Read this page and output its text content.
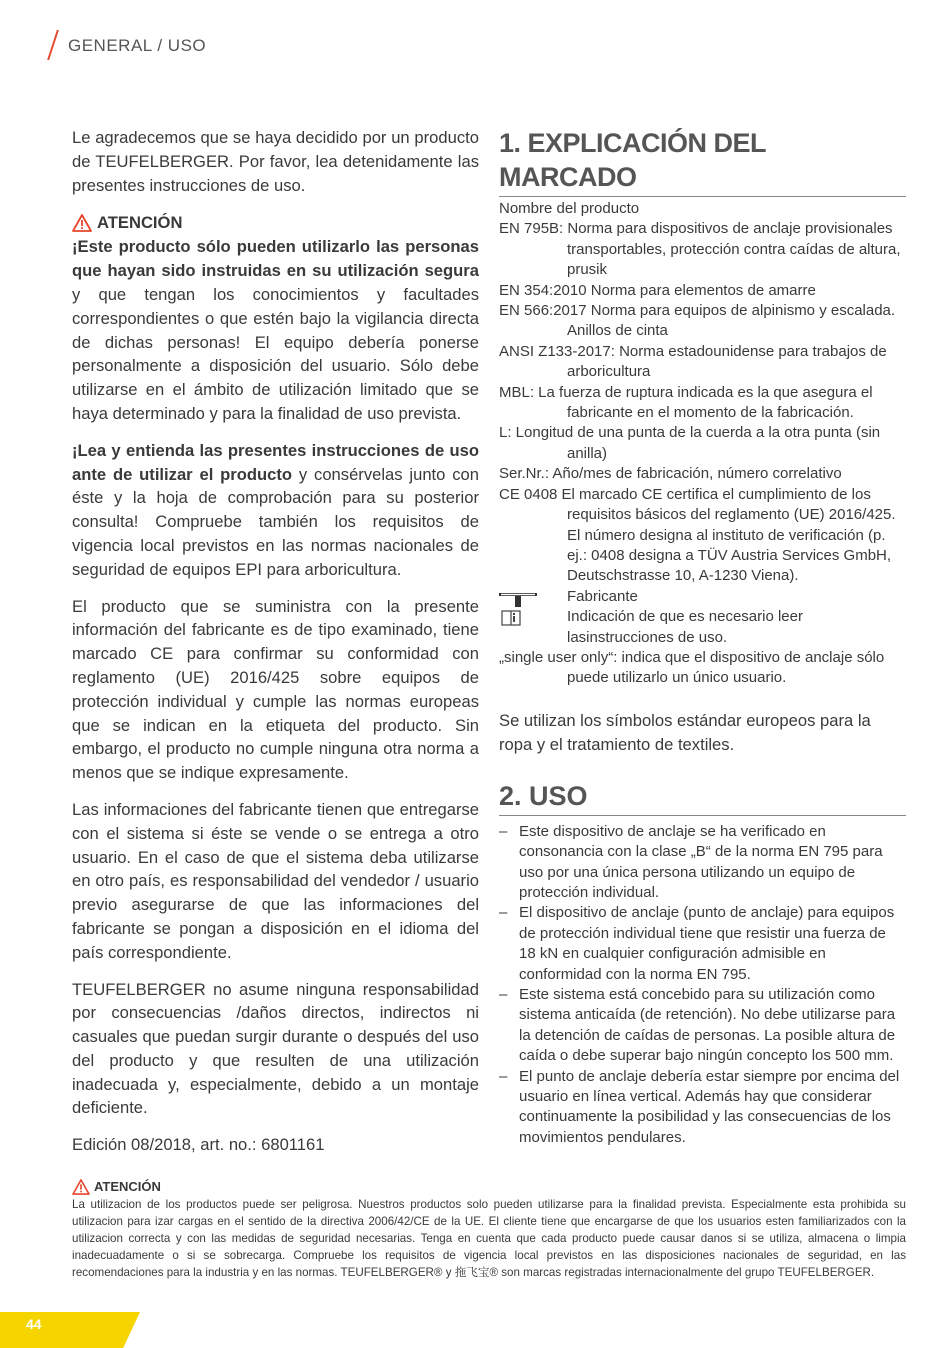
GENERAL / USO

Le agradecemos que se haya decidido por un producto de TEUFELBERGER. Por favor, lea detenidamente las presentes instrucciones de uso.

ATENCIÓN

¡Este producto sólo pueden utilizarlo las personas que hayan sido instruidas en su utilización segura y que tengan los conocimientos y facultades correspondientes o que estén bajo la vigilancia directa de dichas personas! El equipo debería ponerse personalmente a disposición del usuario. Sólo debe utilizarse en el ámbito de utilización limitado que se haya determinado y para la finalidad de uso prevista.

¡Lea y entienda las presentes instrucciones de uso ante de utilizar el producto y consérvelas junto con éste y la hoja de comprobación para su posterior consulta! Compruebe también los requisitos de vigencia local previstos en las normas nacionales de seguridad de equipos EPI para arboricultura.

El producto que se suministra con la presente información del fabricante es de tipo examinado, tiene marcado CE para confirmar su conformidad con reglamento (UE) 2016/425 sobre equipos de protección individual y cumple las normas europeas que se indican en la etiqueta del producto. Sin embargo, el producto no cumple ninguna otra norma a menos que se indique expresamente.

Las informaciones del fabricante tienen que entregarse con el sistema si éste se vende o se entrega a otro usuario. En el caso de que el sistema deba utilizarse en otro país, es responsabilidad del vendedor / usuario previo asegurarse de que las informaciones del fabricante se pongan a disposición en el idioma del país correspondiente.

TEUFELBERGER no asume ninguna responsabilidad por consecuencias /daños directos, indirectos ni casuales que puedan surgir durante o después del uso del producto y que resulten de una utilización inadecuada y, especialmente, debido a un montaje deficiente.

Edición 08/2018, art. no.: 6801161

1. EXPLICACIÓN DEL MARCADO
Nombre del producto
EN 795B: Norma para dispositivos de anclaje provisionales transportables, protección contra caídas de altura, prusik
EN 354:2010 Norma para elementos de amarre
EN 566:2017 Norma para equipos de alpinismo y escalada. Anillos de cinta
ANSI Z133-2017: Norma estadounidense para trabajos de arboricultura
MBL: La fuerza de ruptura indicada es la que asegura el fabricante en el momento de la fabricación.
L: Longitud de una punta de la cuerda a la otra punta (sin anilla)
Ser.Nr.: Año/mes de fabricación, número correlativo
CE 0408 El marcado CE certifica el cumplimiento de los requisitos básicos del reglamento (UE) 2016/425. El número designa al instituto de verificación (p. ej.: 0408 designa a TÜV Austria Services GmbH, Deutschstrasse 10, A-1230 Viena).
Fabricante
Indicación de que es necesario leer lasinstrucciones de uso.
„single user only“: indica que el dispositivo de anclaje sólo puede utilizarlo un único usuario.

Se utilizan los símbolos estándar europeos para la ropa y el tratamiento de textiles.

2. USO
– Este dispositivo de anclaje se ha verificado en consonancia con la clase „B“ de la norma EN 795 para uso por una única persona utilizando un equipo de protección individual.
– El dispositivo de anclaje (punto de anclaje) para equipos de protección individual tiene que resistir una fuerza de 18 kN en cualquier configuración admisible en conformidad con la norma EN 795.
– Este sistema está concebido para su utilización como sistema anticaída (de retención). No debe utilizarse para la detención de caídas de personas. La posible altura de caída o debe superar bajo ningún concepto los 500 mm.
– El punto de anclaje debería estar siempre por encima del usuario en línea vertical. Además hay que considerar continuamente la posibilidad y las consecuencias de los movimientos pendulares.
ATENCIÓN
La utilizacion de los productos puede ser peligrosa. Nuestros productos solo pueden utilizarse para la finalidad prevista. Especialmente esta prohibida su utilizacion para izar cargas en el sentido de la directiva 2006/42/CE de la UE. El cliente tiene que encargarse de que los usuarios esten familiarizados con la utilizacion correcta y con las medidas de seguridad necesarias. Tenga en cuenta que cada producto puede causar danos si se utiliza, almacena o limpia inadecuadamente o si se sobrecarga. Compruebe los requisitos de vigencia local previstos en las disposiciones nacionales de seguridad, en las recomendaciones para la industria y en las normas. TEUFELBERGER® y 拖飞宝® son marcas registradas internacionalmente del grupo TEUFELBERGER.
44
